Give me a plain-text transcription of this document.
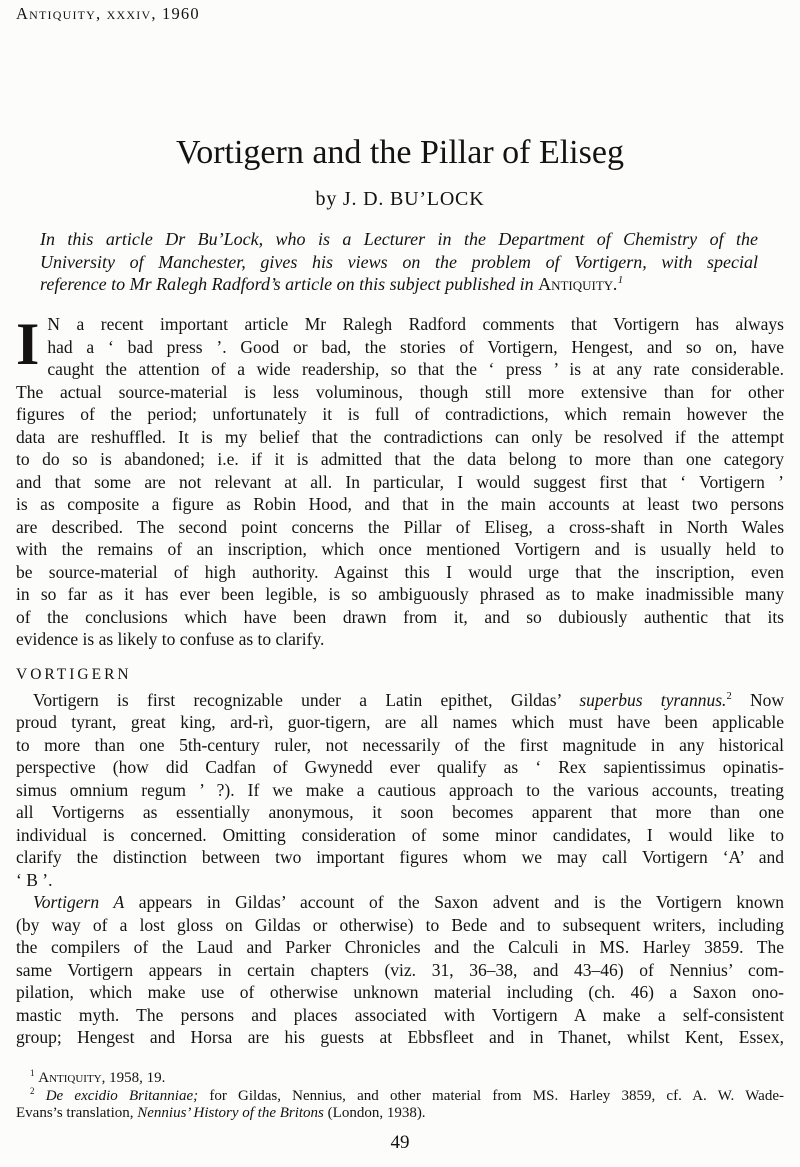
Antiquity, xxxiv, 1960
Vortigern and the Pillar of Eliseg
by J. D. BU’LOCK
In this article Dr Bu’Lock, who is a Lecturer in the Department of Chemistry of the
University of Manchester, gives his views on the problem of Vortigern, with special
reference to Mr Ralegh Radford’s article on this subject published in Antiquity.$^1$
I N a recent important article Mr Ralegh Radford comments that Vortigern has always
had a ‘ bad press ’. Good or bad, the stories of Vortigern, Hengest, and so on, have
caught the attention of a wide readership, so that the ‘ press ’ is at any rate considerable.
The actual source-material is less voluminous, though still more extensive than for other
figures of the period; unfortunately it is full of contradictions, which remain however the
data are reshuffled. It is my belief that the contradictions can only be resolved if the attempt
to do so is abandoned; i.e. if it is admitted that the data belong to more than one category
and that some are not relevant at all. In particular, I would suggest first that ‘ Vortigern ’
is as composite a figure as Robin Hood, and that in the main accounts at least two persons
are described. The second point concerns the Pillar of Eliseg, a cross-shaft in North Wales
with the remains of an inscription, which once mentioned Vortigern and is usually held to
be source-material of high authority. Against this I would urge that the inscription, even
in so far as it has ever been legible, is so ambiguously phrased as to make inadmissible many
of the conclusions which have been drawn from it, and so dubiously authentic that its
evidence is as likely to confuse as to clarify.
VORTIGERN
Vortigern is first recognizable under a Latin epithet, Gildas’ superbus tyrannus.$^2$ Now
proud tyrant, great king, ard-rì, guor-tigern, are all names which must have been applicable
to more than one 5th-century ruler, not necessarily of the first magnitude in any historical
perspective (how did Cadfan of Gwynedd ever qualify as ‘ Rex sapientissimus opinatis-
simus omnium regum ’ ?). If we make a cautious approach to the various accounts, treating
all Vortigerns as essentially anonymous, it soon becomes apparent that more than one
individual is concerned. Omitting consideration of some minor candidates, I would like to
clarify the distinction between two important figures whom we may call Vortigern ‘A’ and
‘ B ’.
Vortigern A appears in Gildas’ account of the Saxon advent and is the Vortigern known
(by way of a lost gloss on Gildas or otherwise) to Bede and to subsequent writers, including
the compilers of the Laud and Parker Chronicles and the Calculi in MS. Harley 3859. The
same Vortigern appears in certain chapters (viz. 31, 36–38, and 43–46) of Nennius’ com-
pilation, which make use of otherwise unknown material including (ch. 46) a Saxon ono-
mastic myth. The persons and places associated with Vortigern A make a self-consistent
group; Hengest and Horsa are his guests at Ebbsfleet and in Thanet, whilst Kent, Essex,
$^1$ Antiquity, 1958, 19.
$^2$ De excidio Britanniae; for Gildas, Nennius, and other material from MS. Harley 3859, cf. A. W. Wade-
Evans’s translation, Nennius’ History of the Britons (London, 1938).
49
